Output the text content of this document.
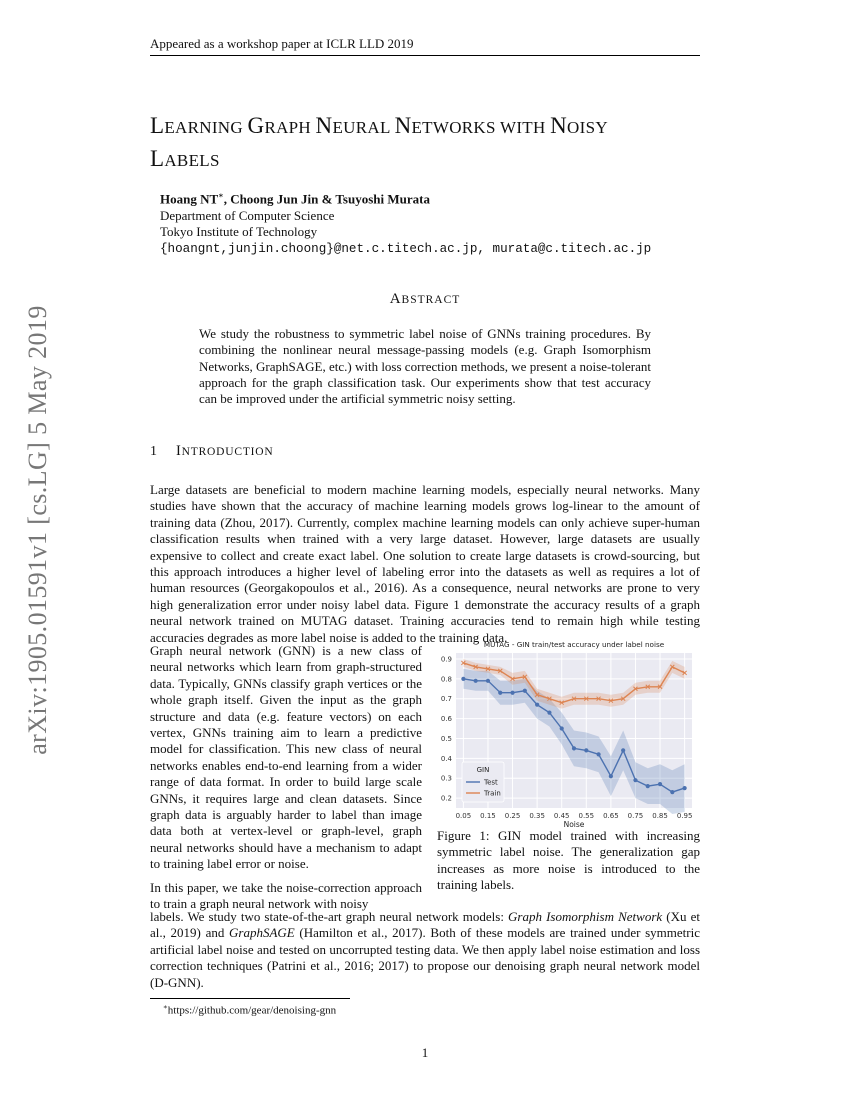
arXiv:1905.01591v1 [cs.LG] 5 May 2019
Appeared as a workshop paper at ICLR LLD 2019
LEARNING GRAPH NEURAL NETWORKS WITH NOISY
LABELS
Hoang NT∗, Choong Jun Jin & Tsuyoshi Murata
Department of Computer Science
Tokyo Institute of Technology
{hoangnt,junjin.choong}@net.c.titech.ac.jp, murata@c.titech.ac.jp
ABSTRACT

We study the robustness to symmetric label noise of GNNs training procedures. By combining the nonlinear neural message-passing models (e.g. Graph Isomorphism Networks, GraphSAGE, etc.) with loss correction methods, we present a noise-tolerant approach for the graph classification task. Our experiments show that test accuracy can be improved under the artificial symmetric noisy setting.

1 INTRODUCTION

Large datasets are beneficial to modern machine learning models, especially neural networks. Many studies have shown that the accuracy of machine learning models grows log-linear to the amount of training data (Zhou, 2017). Currently, complex machine learning models can only achieve super-human classification results when trained with a very large dataset. However, large datasets are usually expensive to collect and create exact label. One solution to create large datasets is crowd-sourcing, but this approach introduces a higher level of labeling error into the datasets as well as requires a lot of human resources (Georgakopoulos et al., 2016). As a consequence, neural networks are prone to very high generalization error under noisy label data. Figure 1 demonstrate the accuracy results of a graph neural network trained on MUTAG dataset. Training accuracies tend to remain high while testing accuracies degrades as more label noise is added to the training data.

Graph neural network (GNN) is a new class of neural networks which learn from graph-structured data. Typically, GNNs classify graph vertices or the whole graph itself. Given the input as the graph structure and data (e.g. feature vectors) on each vertex, GNNs training aim to learn a predictive model for classification. This new class of neural networks enables end-to-end learning from a wider range of data format. In order to build large scale GNNs, it requires large and clean datasets. Since graph data is arguably harder to label than image data both at vertex-level or graph-level, graph neural networks should have a mechanism to adapt to training label error or noise.

In this paper, we take the noise-correction approach to train a graph neural network with noisy

labels. We study two state-of-the-art graph neural network models: Graph Isomorphism Network (Xu et al., 2019) and GraphSAGE (Hamilton et al., 2017). Both of these models are trained under symmetric artificial label noise and tested on uncorrupted testing data. We then apply label noise estimation and loss correction techniques (Patrini et al., 2016; 2017) to propose our denoising graph neural network model (D-GNN).

0.2
0.3
0.4
0.5
0.6
0.7
0.8
0.9
0.05 0.15 0.25 0.35 0.45 0.55 0.65 0.75 0.85 0.95
MUTAG - GIN train/test accuracy under label noise
Noise
GIN
Test
Train

Figure 1: GIN model trained with increasing symmetric label noise. The generalization gap increases as more noise is introduced to the training labels.

∗https://github.com/gear/denoising-gnn
1
